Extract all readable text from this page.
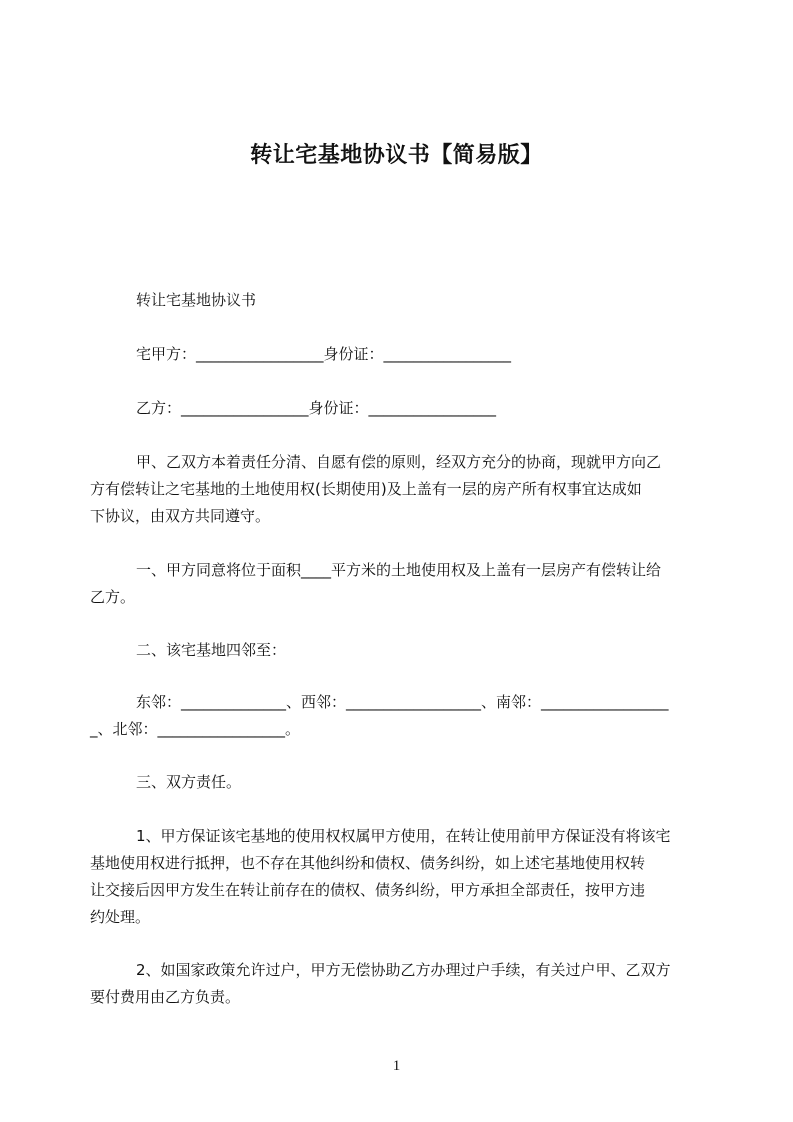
转让宅基地协议书【简易版】
转让宅基地协议书
宅甲方：_________________身份证：_________________
乙方：_________________身份证：_________________
甲、乙双方本着责任分清、自愿有偿的原则，经双方充分的协商，现就甲方向乙
方有偿转让之宅基地的土地使用权(长期使用)及上盖有一层的房产所有权事宜达成如
下协议，由双方共同遵守。
一、甲方同意将位于面积____平方米的土地使用权及上盖有一层房产有偿转让给
乙方。
二、该宅基地四邻至：
东邻：______________、西邻：__________________、南邻：_________________
_、北邻：_________________。
三、双方责任。
1、甲方保证该宅基地的使用权权属甲方使用，在转让使用前甲方保证没有将该宅
基地使用权进行抵押，也不存在其他纠纷和债权、债务纠纷，如上述宅基地使用权转
让交接后因甲方发生在转让前存在的债权、债务纠纷，甲方承担全部责任，按甲方违
约处理。
2、如国家政策允许过户，甲方无偿协助乙方办理过户手续，有关过户甲、乙双方
要付费用由乙方负责。
1
